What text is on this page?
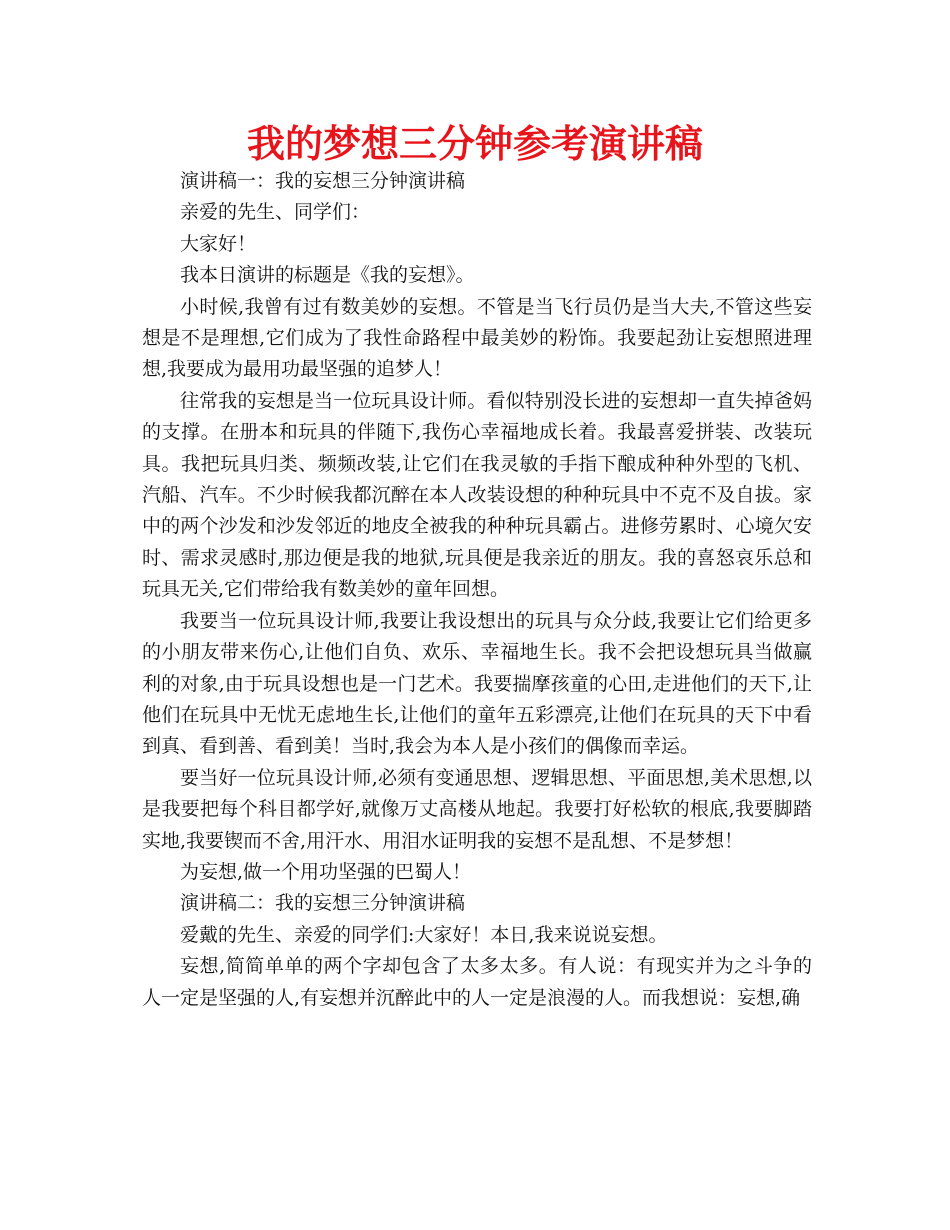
我的梦想三分钟参考演讲稿

演讲稿一：我的妄想三分钟演讲稿

亲爱的先生、同学们：

大家好！

我本日演讲的标题是《我的妄想》。

小时候,我曾有过有数美妙的妄想。不管是当飞行员仍是当大夫,不管这些妄想是不是理想,它们成为了我性命路程中最美妙的粉饰。我要起劲让妄想照进理想,我要成为最用功最坚强的追梦人！

往常我的妄想是当一位玩具设计师。看似特别没长进的妄想却一直失掉爸妈的支撑。在册本和玩具的伴随下,我伤心幸福地成长着。我最喜爱拼装、改装玩具。我把玩具归类、频频改装,让它们在我灵敏的手指下酿成种种外型的飞机、汽船、汽车。不少时候我都沉醉在本人改装设想的种种玩具中不克不及自拔。家中的两个沙发和沙发邻近的地皮全被我的种种玩具霸占。进修劳累时、心境欠安时、需求灵感时,那边便是我的地狱,玩具便是我亲近的朋友。我的喜怒哀乐总和玩具无关,它们带给我有数美妙的童年回想。

我要当一位玩具设计师,我要让我设想出的玩具与众分歧,我要让它们给更多的小朋友带来伤心,让他们自负、欢乐、幸福地生长。我不会把设想玩具当做赢利的对象,由于玩具设想也是一门艺术。我要揣摩孩童的心田,走进他们的天下,让他们在玩具中无忧无虑地生长,让他们的童年五彩漂亮,让他们在玩具的天下中看到真、看到善、看到美！当时,我会为本人是小孩们的偶像而幸运。

要当好一位玩具设计师,必须有变通思想、逻辑思想、平面思想,美术思想,以是我要把每个科目都学好,就像万丈高楼从地起。我要打好松软的根底,我要脚踏实地,我要锲而不舍,用汗水、用泪水证明我的妄想不是乱想、不是梦想！

为妄想,做一个用功坚强的巴蜀人！

演讲稿二：我的妄想三分钟演讲稿

爱戴的先生、亲爱的同学们:大家好！本日,我来说说妄想。

妄想,简简单单的两个字却包含了太多太多。有人说：有现实并为之斗争的人一定是坚强的人,有妄想并沉醉此中的人一定是浪漫的人。而我想说：妄想,确
